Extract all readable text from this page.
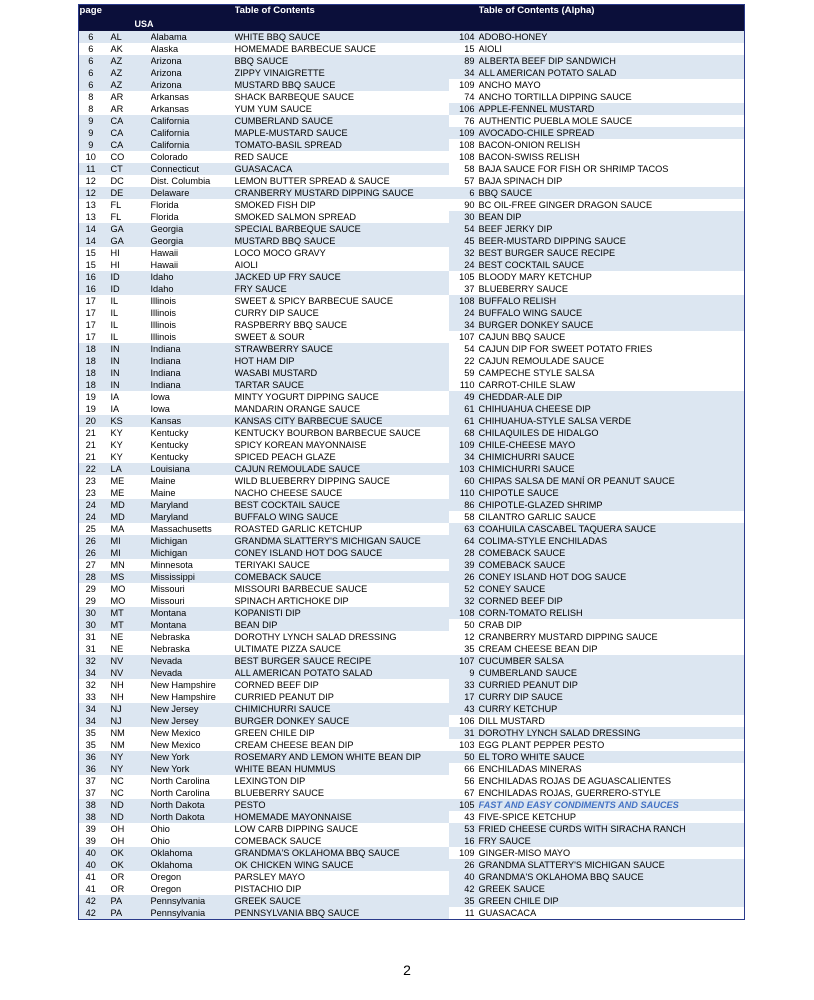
page			Table of Contents		Table of Contents (Alpha)
	USA				
6	AL	Alabama	WHITE BBQ SAUCE	104	ADOBO-HONEY
6	AK	Alaska	HOMEMADE BARBECUE SAUCE	15	AIOLI
6	AZ	Arizona	BBQ SAUCE	89	ALBERTA BEEF DIP SANDWICH
6	AZ	Arizona	ZIPPY VINAIGRETTE	34	ALL AMERICAN POTATO SALAD
6	AZ	Arizona	MUSTARD BBQ SAUCE	109	ANCHO MAYO
8	AR	Arkansas	SHACK BARBEQUE SAUCE	74	ANCHO TORTILLA DIPPING SAUCE
8	AR	Arkansas	YUM YUM SAUCE	106	APPLE-FENNEL MUSTARD
9	CA	California	CUMBERLAND SAUCE	76	AUTHENTIC PUEBLA MOLE SAUCE
9	CA	California	MAPLE-MUSTARD SAUCE	109	AVOCADO-CHILE SPREAD
9	CA	California	TOMATO-BASIL SPREAD	108	BACON-ONION RELISH
10	CO	Colorado	RED SAUCE	108	BACON-SWISS RELISH
11	CT	Connecticut	GUASACACA	58	BAJA SAUCE FOR FISH OR SHRIMP TACOS
12	DC	Dist. Columbia	LEMON BUTTER SPREAD & SAUCE	57	BAJA SPINACH DIP
12	DE	Delaware	CRANBERRY MUSTARD DIPPING SAUCE	6	BBQ SAUCE
13	FL	Florida	SMOKED FISH DIP	90	BC OIL-FREE GINGER DRAGON SAUCE
13	FL	Florida	SMOKED SALMON SPREAD	30	BEAN DIP
14	GA	Georgia	SPECIAL BARBEQUE SAUCE	54	BEEF JERKY DIP
14	GA	Georgia	MUSTARD BBQ SAUCE	45	BEER-MUSTARD DIPPING SAUCE
15	HI	Hawaii	LOCO MOCO GRAVY	32	BEST BURGER SAUCE RECIPE
15	HI	Hawaii	AIOLI	24	BEST COCKTAIL SAUCE
16	ID	Idaho	JACKED UP FRY SAUCE	105	BLOODY MARY KETCHUP
16	ID	Idaho	FRY SAUCE	37	BLUEBERRY SAUCE
17	IL	Illinois	SWEET & SPICY BARBECUE SAUCE	108	BUFFALO RELISH
17	IL	Illinois	CURRY DIP SAUCE	24	BUFFALO WING SAUCE
17	IL	Illinois	RASPBERRY BBQ SAUCE	34	BURGER DONKEY SAUCE
17	IL	Illinois	SWEET & SOUR	107	CAJUN BBQ SAUCE
18	IN	Indiana	STRAWBERRY SAUCE	54	CAJUN DIP FOR SWEET POTATO FRIES
18	IN	Indiana	HOT HAM DIP	22	CAJUN REMOULADE SAUCE
18	IN	Indiana	WASABI MUSTARD	59	CAMPECHE STYLE SALSA
18	IN	Indiana	TARTAR SAUCE	110	CARROT-CHILE SLAW
19	IA	Iowa	MINTY YOGURT DIPPING SAUCE	49	CHEDDAR-ALE DIP
19	IA	Iowa	MANDARIN ORANGE SAUCE	61	CHIHUAHUA CHEESE DIP
20	KS	Kansas	KANSAS CITY BARBECUE SAUCE	61	CHIHUAHUA-STYLE SALSA VERDE
21	KY	Kentucky	KENTUCKY BOURBON BARBECUE SAUCE	68	CHILAQUILES DE HIDALGO
21	KY	Kentucky	SPICY KOREAN MAYONNAISE	109	CHILE-CHEESE MAYO
21	KY	Kentucky	SPICED PEACH GLAZE	34	CHIMICHURRI SAUCE
22	LA	Louisiana	CAJUN REMOULADE SAUCE	103	CHIMICHURRI SAUCE
23	ME	Maine	WILD BLUEBERRY DIPPING SAUCE	60	CHIPAS SALSA DE MANÍ OR PEANUT SAUCE
23	ME	Maine	NACHO CHEESE SAUCE	110	CHIPOTLE SAUCE
24	MD	Maryland	BEST COCKTAIL SAUCE	86	CHIPOTLE-GLAZED SHRIMP
24	MD	Maryland	BUFFALO WING SAUCE	58	CILANTRO GARLIC SAUCE
25	MA	Massachusetts	ROASTED GARLIC KETCHUP	63	COAHUILA CASCABEL TAQUERA SAUCE
26	MI	Michigan	GRANDMA SLATTERY'S MICHIGAN SAUCE	64	COLIMA-STYLE ENCHILADAS
26	MI	Michigan	CONEY ISLAND HOT DOG SAUCE	28	COMEBACK SAUCE
27	MN	Minnesota	TERIYAKI SAUCE	39	COMEBACK SAUCE
28	MS	Mississippi	COMEBACK SAUCE	26	CONEY ISLAND HOT DOG SAUCE
29	MO	Missouri	MISSOURI BARBECUE SAUCE	52	CONEY SAUCE
29	MO	Missouri	SPINACH ARTICHOKE DIP	32	CORNED BEEF DIP
30	MT	Montana	KOPANISTI DIP	108	CORN-TOMATO RELISH
30	MT	Montana	BEAN DIP	50	CRAB DIP
31	NE	Nebraska	DOROTHY LYNCH SALAD DRESSING	12	CRANBERRY MUSTARD DIPPING SAUCE
31	NE	Nebraska	ULTIMATE PIZZA SAUCE	35	CREAM CHEESE BEAN DIP
32	NV	Nevada	BEST BURGER SAUCE RECIPE	107	CUCUMBER SALSA
34	NV	Nevada	ALL AMERICAN POTATO SALAD	9	CUMBERLAND SAUCE
32	NH	New Hampshire	CORNED BEEF DIP	33	CURRIED PEANUT DIP
33	NH	New Hampshire	CURRIED PEANUT DIP	17	CURRY DIP SAUCE
34	NJ	New Jersey	CHIMICHURRI SAUCE	43	CURRY KETCHUP
34	NJ	New Jersey	BURGER DONKEY SAUCE	106	DILL MUSTARD
35	NM	New Mexico	GREEN CHILE DIP	31	DOROTHY LYNCH SALAD DRESSING
35	NM	New Mexico	CREAM CHEESE BEAN DIP	103	EGG PLANT PEPPER PESTO
36	NY	New York	ROSEMARY AND LEMON WHITE BEAN DIP	50	EL TORO WHITE SAUCE
36	NY	New York	WHITE BEAN HUMMUS	66	ENCHILADAS MINERAS
37	NC	North Carolina	LEXINGTON DIP	56	ENCHILADAS ROJAS DE AGUASCALIENTES
37	NC	North Carolina	BLUEBERRY SAUCE	67	ENCHILADAS ROJAS, GUERRERO-STYLE
38	ND	North Dakota	PESTO	105	FAST AND EASY CONDIMENTS AND SAUCES
38	ND	North Dakota	HOMEMADE MAYONNAISE	43	FIVE-SPICE KETCHUP
39	OH	Ohio	LOW CARB DIPPING SAUCE	53	FRIED CHEESE CURDS WITH SIRACHA RANCH
39	OH	Ohio	COMEBACK SAUCE	16	FRY SAUCE
40	OK	Oklahoma	GRANDMA'S OKLAHOMA BBQ SAUCE	109	GINGER-MISO MAYO
40	OK	Oklahoma	OK CHICKEN WING SAUCE	26	GRANDMA SLATTERY'S MICHIGAN SAUCE
41	OR	Oregon	PARSLEY MAYO	40	GRANDMA'S OKLAHOMA BBQ SAUCE
41	OR	Oregon	PISTACHIO DIP	42	GREEK SAUCE
42	PA	Pennsylvania	GREEK SAUCE	35	GREEN CHILE DIP
42	PA	Pennsylvania	PENNSYLVANIA BBQ SAUCE	11	GUASACACA
2
